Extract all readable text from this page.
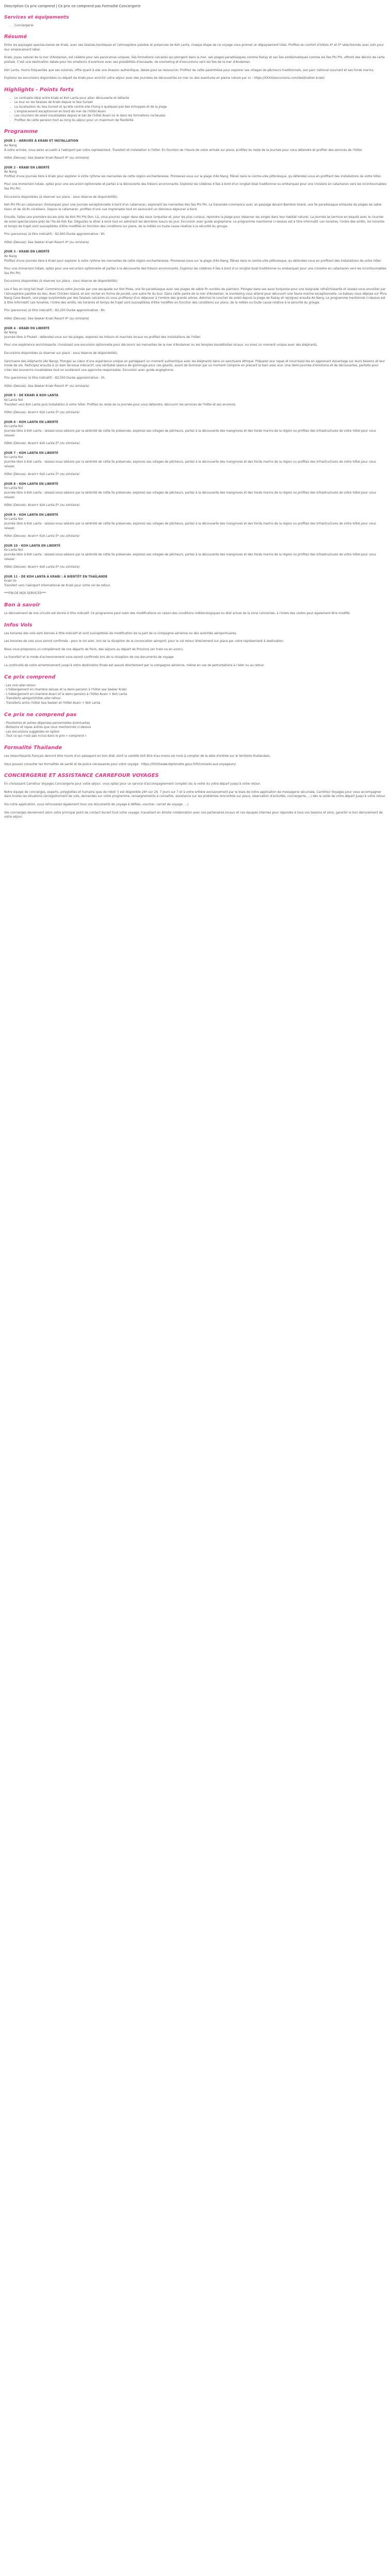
Description Ca prix comprend | Ce prix ne comprend pas Formalité Conciergerie
Services et équipements
• Conciergerie
Résumé

Entre les paysages spectaculaires de Krabi, avec ses falaises karstiques et l'atmosphère paisible et préservée de Koh Lanta, chaque étape de ce voyage vous promet un dépaysement total. Profitez du confort d'hôtels 4* et 5* sélectionnés avec soin pour leur emplacement idéal.

Krabi, joyau naturel de la mer d'Andaman, est célèbre pour ses panoramas uniques. Ses formations calcaires qui plongent dans la mer, ses plages paradisiaques comme Railay et ses îles emblématiques comme les îles Phi Phi, offrent des décors de carte postale. C'est une destination idéale pour les amateurs d'aventure avec ses possibilités d'escalade, de snorkeling et d'excursions vers les îles de la mer d'Andaman.

Koh Lanta, moins fréquentée que ses voisines, offre quant à elle une évasion authentique, idéale pour se ressourcer. Profitez de cette parenthèse pour explorer ses villages de pêcheurs traditionnels, son parc national luxuriant et ses fonds marins.

Explorez les excursions disponibles ou départ de Krabi pour enrichir votre séjour avec des journées de découvertes en mer ou des aventures en pleine nature par ici : https://XXXX/excursions.com/destination-krabi/

Highlights - Points forts
• Le contraste idéal entre Krabi et Koh Lanta pour allier découverte et détente
• Le tour en les falaises de Krabi depuis le Sea Sunset
• La localisation du Sea Sunset et qu'elle centre elle-l'hong à quelques pas des échoppes et de la plage
• L'emplacement exceptionnel en bord de mer de l'hôtel Avani
• Les couchers de soleil inoubliables depuis le bar de l'hôtel Avani où le dans les formations rocheuses
• Profitez de cette pension tout au long du séjour pour un maximum de flexibilité
Programme
JOUR 1 - ARRIVÉE À KRABI ET INSTALLATION

Ao Nang

À votre arrivée, vous serez accueilli à l'aéroport par votre représentant. Transfert et installation à l'hôtel. En fonction de l'heure de votre arrivée sur place, profitez du reste de la journée pour vous détendre et profiter des services de l'hôtel.

Hôtel (Deluxe): Sea Seeker Krabi Resort 4* (ou similaire)

JOUR 2 - KRABI EN LIBERTÉ

Ao Nang

Profitez d'une journée libre à Krabi pour explorer à votre rythme les merveilles de cette région enchanteresse. Promenez-vous sur la plage d'Ao Nang, flânez dans le centre-ville pittoresque, qu détendez-vous en profitant des installations de votre hôtel.

Pour une immersion totale, optez pour une excursion optionnelle et partez à la découverte des trésors environnants. Explorez les célèbres 4 îles à bord d'un longtail boat traditionnel ou embarquez pour une croisière en catamaran vers les incontournables îles Phi Phi.

Excursions disponibles (à réserver sur place - sous réserve de disponibilité):

Koh Phi Phi en catamaran: Embarquez pour une journée exceptionnelle à bord d'un catamaran, explorant les merveilles des îles Phi Phi. La traversée commence avec un passage devant Bamboo Island, une île paradisiaque entourée de plages de sable blanc et de récifs coralliens. Depuis le catamaran, profitez d'une vue imprenable tout en savourant un délicieux déjeuner à bord.

Ensuite, faites une première escale près de Koh Phi Phi Don. Là, vous pourrez nager dans des eaux turquoise et, pour les plus curieux, rejoindre la plage pour observer les singes dans leur habitat naturel. La journée se termine en beauté avec le coucher de soleil spectaculaire près de l'île de Koh Kai. Dégustez le dîner à bord tout en admirant les dernières lueurs du jour. Excursion avec guide anglophone. Le programme mentionné ci-dessus est à titre informatif. Les horaires, l'ordre des arrêts, les horaires et temps de trajet sont susceptibles d'être modifiés en fonction des conditions sur place, de la météo ou toute cause relative à la sécurité du groupe.

Prix (personne) (à titre indicatif) : 82,900 Durée approximative : 8h

Hôtel (Deluxe): Sea Seeker Krabi Resort 4* (ou similaire)

JOUR 3 - KRABI EN LIBERTÉ

Ao Nang

Profitez d'une journée libre à Krabi pour explorer à votre rythme les merveilles de cette région enchanteresse. Promenez-vous sur la plage d'Ao Nang, flânez dans le centre-ville pittoresque, qu détendez-vous en profitant des installations de votre hôtel.

Pour une immersion totale, optez pour une excursion optionnelle et partez à la découverte des trésors environnants. Explorez les célèbres 4 îles à bord d'un longtail boat traditionnel ou embarquez pour une croisière en catamaran vers les incontournables îles Phi Phi.

Excursions disponibles (à réserver sur place - sous réserve de disponibilité):

Les 4 îles en long tail boat: Commencez votre journée par une escapade sur Koh Poda, une île paradisiaque avec ses plages de sable fin ourlées de palmiers. Plongez dans ses eaux turquoise pour une baignade rafraîchissante et laissez-vous envoûter par l'atmosphère paisible du lieu. Avec Chicken Island, et son rocher en forme de poulet, une autre île du tour. Dans cette partie de la mer d'Andaman, le snorkeling vous attend pour découvrir une faune marine exceptionnelle. Le bateau vous dépose sur Phra Nang Cave Beach, une plage surplombée par des falaises calcaires où vous profiterez d'un déjeuner à l'ombre des grands arbres. Admirez le coucher de soleil depuis la plage de Railay et rejoignez ensuite Ao Nang. Le programme mentionné ci-dessus est à titre informatif. Les horaires, l'ordre des arrêts, les horaires et temps de trajet sont susceptibles d'être modifiés en fonction des conditions sur place, de la météo ou toute cause relative à la sécurité du groupe.

Prix (personne) (à titre indicatif) : 82,200 Durée approximative : 8h

Hôtel (Deluxe): Sea Seeker Krabi Resort 4* (ou similaire)

JOUR 4 - KRABI EN LIBERTÉ

Ao Nang

Journée libre à Phuket : détendez-vous sur les plages, explorez les trésors et marchés locaux ou profitez des installations de l'hôtel.

Pour une expérience enrichissante, choisissez une excursion optionnelle pour découvrir les merveilles de la mer d'Andaman ou les temples bouddhistes locaux, ou vivez un moment unique avec des éléphants.

Excursions disponibles (à réserver sur place - sous réserve de disponibilité):

Sanctuaire des éléphants (Ao Nang): Plongez au cœur d'une expérience unique en partageant un moment authentique avec les éléphants dans un sanctuaire éthique. Préparez leur repas et nourrissez-les en apprenant davantage sur leurs besoins et leur mode de vie. Participez ensuite à un bain de boue interactif, une véritable séance de gommage pour ces géants, avant de terminer par un moment complice en prenant le bain avec eux. Une demi-journée d'émotions et de découvertes, parfaite pour créer des souvenirs inoubliables tout en soutenant une approche responsable. Excursion avec guide anglophone.

Prix (personne) (à titre indicatif) : 82,500 Durée approximative : 3h

Hôtel (Deluxe): Sea Seeker Krabi Resort 4* (ou similaire)

JOUR 5 - DE KRABI À KOH LANTA

Ko Lanta Noi

Transfert vers Koh Lanta puis installation à votre hôtel. Profitez du reste de la journée pour vous détendre, découvrir les services de l'hôtel et ses environs.

Hôtel (Deluxe): Avani+ Koh Lanta 5* (ou similaire)

JOUR 6 - KOH LANTA EN LIBERTÉ

Ko Lanta Noi

Journée libre à Koh Lanta : laissez-vous séduire par la sérénité de cette île préservée, explorez ses villages de pêcheurs, partez à la découverte des mangroves et des fonds marins de la région ou profitez des infrastructures de votre hôtel pour vous relaxer.

Hôtel (Deluxe): Avani+ Koh Lanta 5* (ou similaire)

JOUR 7 - KOH LANTA EN LIBERTÉ

Ko Lanta Noi

Journée libre à Koh Lanta : laissez-vous séduire par la sérénité de cette île préservée, explorez ses villages de pêcheurs, partez à la découverte des mangroves et des fonds marins de la région ou profitez des infrastructures de votre hôtel pour vous relaxer.

Hôtel (Deluxe): Avani+ Koh Lanta 5* (ou similaire)

JOUR 8 - KOH LANTA EN LIBERTÉ

Ko Lanta Noi

Journée libre à Koh Lanta : laissez-vous séduire par la sérénité de cette île préservée, explorez ses villages de pêcheurs, partez à la découverte des mangroves et des fonds marins de la région ou profitez des infrastructures de votre hôtel pour vous relaxer.

Hôtel (Deluxe): Avani+ Koh Lanta 5* (ou similaire)

JOUR 9 - KOH LANTA EN LIBERTÉ

Ko Lanta Noi

Journée libre à Koh Lanta : laissez-vous séduire par la sérénité de cette île préservée, explorez ses villages de pêcheurs, partez à la découverte des mangroves et des fonds marins de la région ou profitez des infrastructures de votre hôtel pour vous relaxer.

Hôtel (Deluxe): Avani+ Koh Lanta 5* (ou similaire)

JOUR 10 - KOH LANTA EN LIBERTÉ

Ko Lanta Noi

Journée libre à Koh Lanta : laissez-vous séduire par la sérénité de cette île préservée, explorez ses villages de pêcheurs, partez à la découverte des mangroves et des fonds marins de la région ou profitez des infrastructures de votre hôtel pour vous relaxer.

Hôtel (Deluxe): Avani+ Koh Lanta 5* (ou similaire)

JOUR 11 - DE KOH LANTA À KRABI : À BIENTÔT EN THAÏLANDE

Krabi Vo

Transfert vers l'aéroport international de Krabi pour votre vol de retour.

***FIN DE NOS SERVICES***

Bon à savoir

Le déroulement de nos circuits est donné à titre indicatif. Ce programme peut subir des modifications en raison des conditions météorologiques ou état actuel de la zone concernée, à l'ordre des visites peut également être modifié.

Infos Vols

Les horaires des vols sont donnés à titre indicatif et sont susceptibles de modification de la part de la compagnie aérienne ou des autorités aéroportuaires.

Les horaires de vols vous seront confirmés - pour le vol aller, lors de la réception de la convocation aéroport, pour le vol retour directement sur place par votre représentant à destination.

Nous vous proposons un complément de nos départs de Paris, des séjours au départ de Province (en train ou en avion).

Le transfert et le mode d'acheminement vous seront confirmés lors de la réception de vos documents de voyage.

La continuité de votre acheminement jusqu'à votre destination finale est assuré directement par la compagnie aérienne, même en cas de perturbations à l'aller ou au retour.

Ce prix comprend
- Les vols aller-retour
- L'hébergement en chambre deluxe et la demi-pension à l'hôtel sea Seeker Krabi
- L'hébergement en chambre Avani et la demi-pension à l'hôtel Avani + Koh Lanta
- Transferts aéroport/hôtel aller-retour
- Transferts entre l'hôtel Sea Seeker et l'hôtel Avani + Koh Lanta
Ce prix ne comprend pas
- Pourboires et autres dépenses personnelles éventuelles
- Boissons et repas autres que ceux mentionnés ci-dessus
- Les excursions suggérées en option
- Tout ce qui n'est pas inclus dans le prix « comprend »
Formalité Thaïlande

Les ressortissants français devront être munis d'un passeport en bon état, dont la validité doit être d'au moins six mois à compter de la date d'entrée sur le territoire thaïlandais.

Vous pouvez consulter les formalités de santé et de police nécessaires pour votre voyage : https://XXXXwww.diplomatie.gouv.fr/fr/conseils-aux-voyageurs/

CONCIERGERIE ET ASSISTANCE CARREFOUR VOYAGES

En choisissant Carrefour Voyages Conciergerie pour votre séjour, vous optez pour un service d'accompagnement complet (du la veille du votre départ jusqu'à votre retour.

Notre équipe de concierges, experts, polyglottes et humains (pas de robot !) est disponible 24h sur 24, 7 jours sur 7 et à votre entière exclusivement par le biais de notre application de messagerie sécurisée, Carrefour Voyages pour vous accompagner dans toutes les situations (enregistrement de vols, demandes sur votre programme, renseignements à connaître, assistance sur les problèmes rencontrés sur place, réservation d'activités, conciergerie, ...) dès la veille de votre départ jusqu'à votre retour.

Via notre application, vous retrouverez également tous vos documents de voyage à défilés, voucher, carnet de voyage, ...)

Vos concierges deviennent alors votre principal point de contact durant tout votre voyage, travaillant en étroite collaboration avec nos partenaires locaux et nos équipes internes pour répondre à tous vos besoins et ainsi, garantir le bon déroulement de votre séjour.
